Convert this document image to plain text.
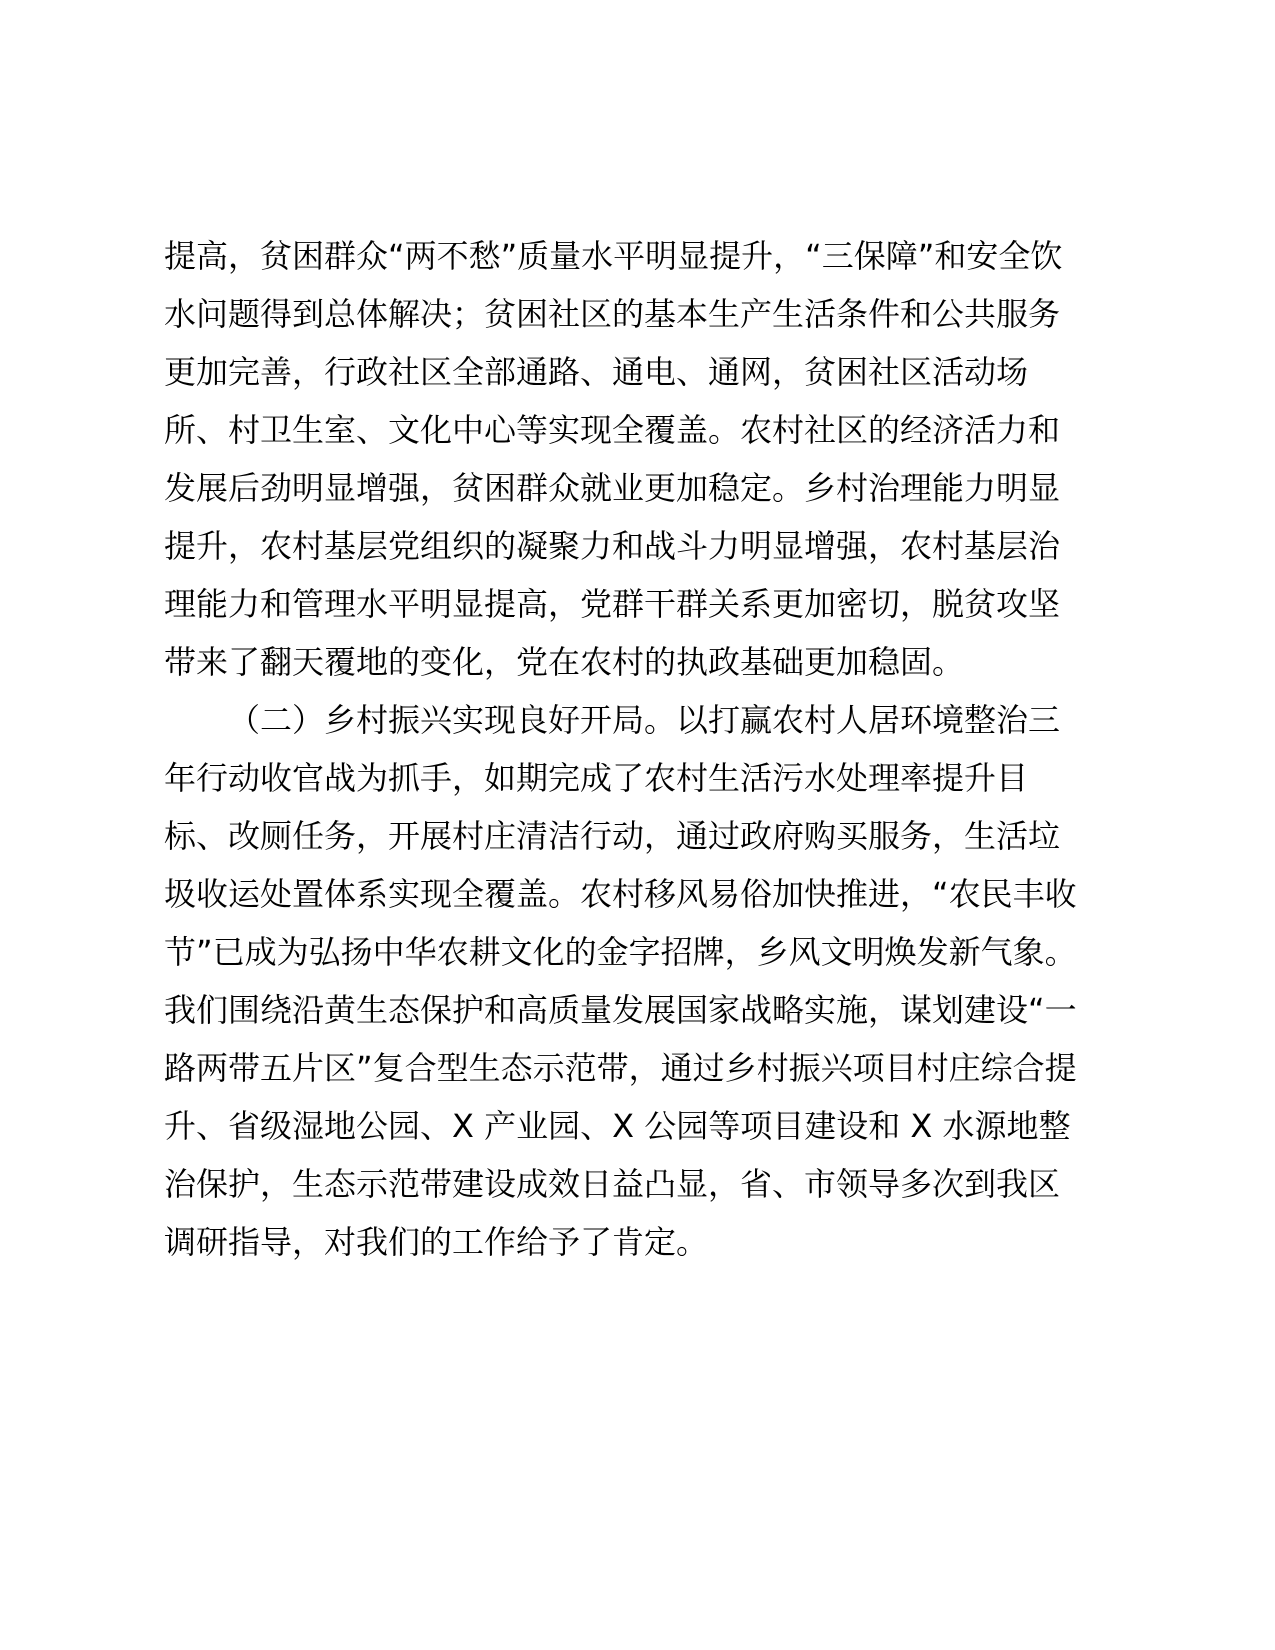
提高，贫困群众“两不愁”质量水平明显提升，“三保障”和安全饮
水问题得到总体解决；贫困社区的基本生产生活条件和公共服务
更加完善，行政社区全部通路、通电、通网，贫困社区活动场
所、村卫生室、文化中心等实现全覆盖。农村社区的经济活力和
发展后劲明显增强，贫困群众就业更加稳定。乡村治理能力明显
提升，农村基层党组织的凝聚力和战斗力明显增强，农村基层治
理能力和管理水平明显提高，党群干群关系更加密切，脱贫攻坚
带来了翻天覆地的变化，党在农村的执政基础更加稳固。
（二）乡村振兴实现良好开局。以打赢农村人居环境整治三
年行动收官战为抓手，如期完成了农村生活污水处理率提升目
标、改厕任务，开展村庄清洁行动，通过政府购买服务，生活垃
圾收运处置体系实现全覆盖。农村移风易俗加快推进，“农民丰收
节”已成为弘扬中华农耕文化的金字招牌，乡风文明焕发新气象。
我们围绕沿黄生态保护和高质量发展国家战略实施，谋划建设“一
路两带五片区”复合型生态示范带，通过乡村振兴项目村庄综合提
升、省级湿地公园、X 产业园、X 公园等项目建设和 X 水源地整
治保护，生态示范带建设成效日益凸显，省、市领导多次到我区
调研指导，对我们的工作给予了肯定。
